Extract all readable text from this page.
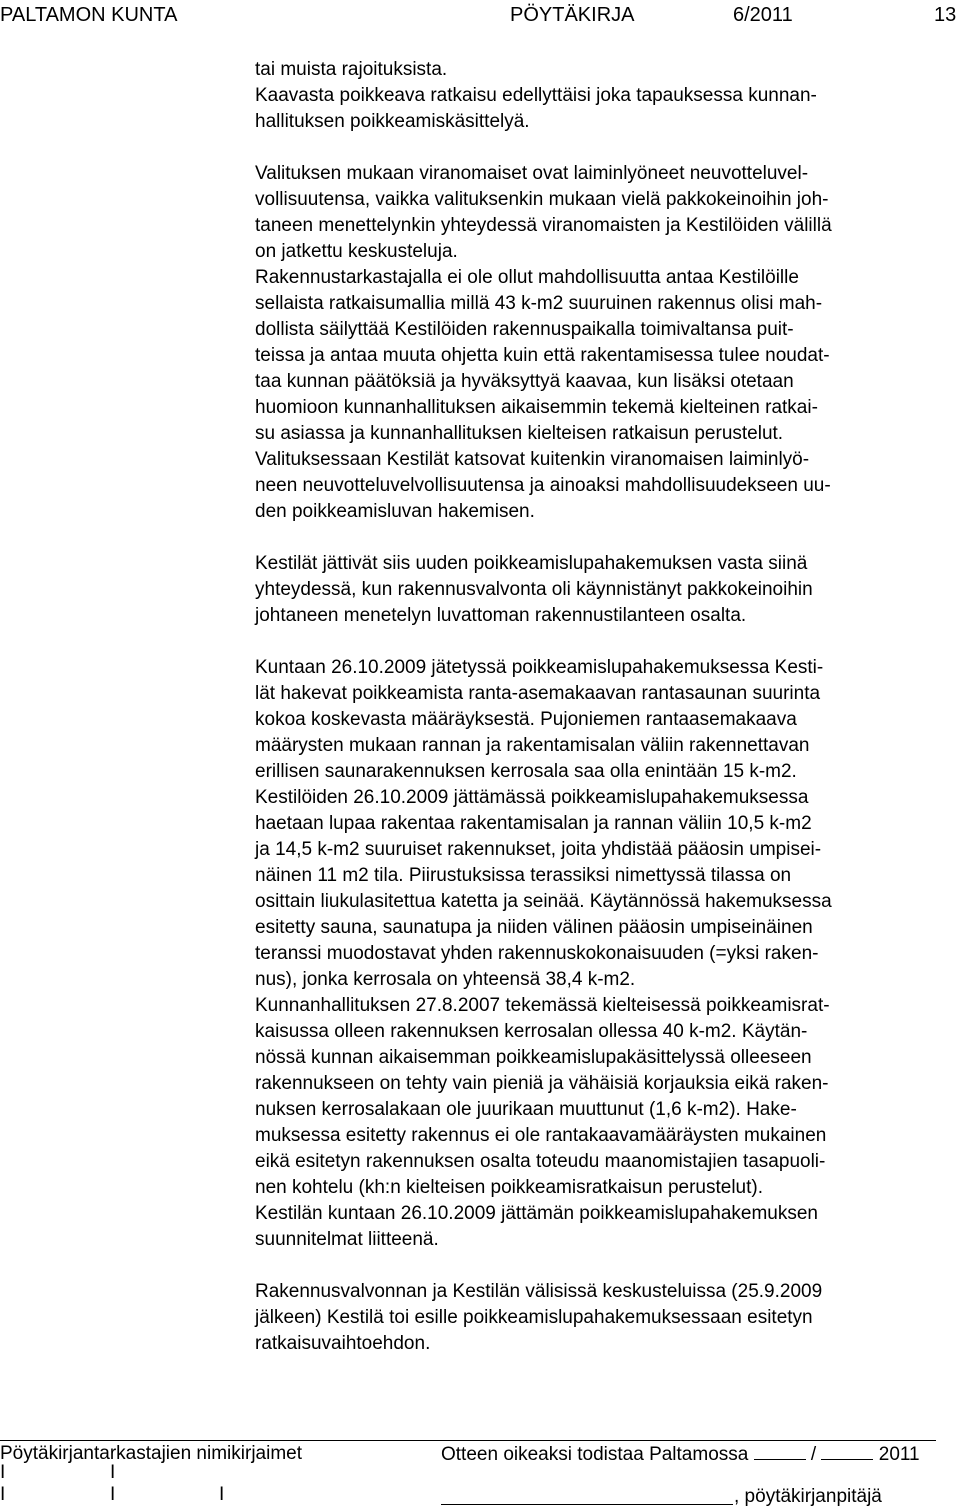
PALTAMON KUNTA	PÖYTÄKIRJA	6/2011	13
tai muista rajoituksista.
Kaavasta poikkeava ratkaisu edellyttäisi joka tapauksessa kunnan-
hallituksen poikkeamiskäsittelyä.
Valituksen mukaan viranomaiset ovat laiminlyöneet neuvotteluvel-
vollisuutensa, vaikka valituksenkin mukaan vielä pakkokeinoihin joh-
taneen menettelynkin yhteydessä viranomaisten ja Kestilöiden välillä
on jatkettu keskusteluja.
Rakennustarkastajalla ei ole ollut mahdollisuutta antaa Kestilöille
sellaista ratkaisumallia millä 43 k-m2 suuruinen rakennus olisi mah-
dollista säilyttää Kestilöiden rakennuspaikalla toimivaltansa puit-
teissa ja antaa muuta ohjetta kuin että rakentamisessa tulee noudat-
taa kunnan päätöksiä ja hyväksyttyä kaavaa, kun lisäksi otetaan
huomioon kunnanhallituksen aikaisemmin tekemä kielteinen ratkai-
su asiassa ja kunnanhallituksen kielteisen ratkaisun perustelut.
Valituksessaan Kestilät katsovat kuitenkin viranomaisen laiminlyö-
neen neuvotteluvelvollisuutensa ja ainoaksi mahdollisuudekseen uu-
den poikkeamisluvan hakemisen.
Kestilät jättivät siis uuden poikkeamislupahakemuksen vasta siinä
yhteydessä, kun rakennusvalvonta oli käynnistänyt pakkokeinoihin
johtaneen menetelyn luvattoman rakennustilanteen osalta.
Kuntaan 26.10.2009 jätetyssä poikkeamislupahakemuksessa Kesti-
lät hakevat poikkeamista ranta-asemakaavan rantasaunan suurinta
kokoa koskevasta määräyksestä. Pujoniemen rantaasemakaava
määrysten mukaan rannan ja rakentamisalan väliin rakennettavan
erillisen saunarakennuksen kerrosala saa olla enintään 15 k-m2.
Kestilöiden 26.10.2009 jättämässä poikkeamislupahakemuksessa
haetaan lupaa rakentaa rakentamisalan ja rannan väliin 10,5 k-m2
ja 14,5 k-m2 suuruiset rakennukset, joita yhdistää pääosin umpisei-
näinen 11 m2 tila. Piirustuksissa terassiksi nimettyssä tilassa on
osittain liukulasitettua katetta ja seinää. Käytännössä hakemuksessa
esitetty sauna, saunatupa ja niiden välinen pääosin umpiseinäinen
teranssi muodostavat yhden rakennuskokonaisuuden (=yksi raken-
nus), jonka kerrosala on yhteensä 38,4 k-m2.
Kunnanhallituksen 27.8.2007 tekemässä kielteisessä poikkeamisrat-
kaisussa olleen rakennuksen kerrosalan ollessa 40 k-m2. Käytän-
nössä kunnan aikaisemman poikkeamislupakäsittelyssä olleeseen
rakennukseen on tehty vain pieniä ja vähäisiä korjauksia eikä raken-
nuksen kerrosalakaan ole juurikaan muuttunut (1,6 k-m2). Hake-
muksessa esitetty rakennus ei ole rantakaavamääräysten mukainen
eikä esitetyn rakennuksen osalta toteudu maanomistajien tasapuoli-
nen kohtelu (kh:n kielteisen poikkeamisratkaisun perustelut).
Kestilän kuntaan 26.10.2009 jättämän poikkeamislupahakemuksen
suunnitelmat liitteenä.
Rakennusvalvonnan ja Kestilän välisissä keskusteluissa (25.9.2009
jälkeen) Kestilä toi esille poikkeamislupahakemuksessaan esitetyn
ratkaisuvaihtoehdon.
Pöytäkirjantarkastajien nimikirjaimet	Otteen oikeaksi todistaa Paltamossa	/	2011
I	I
I	I	I	, pöytäkirjanpitäjä
